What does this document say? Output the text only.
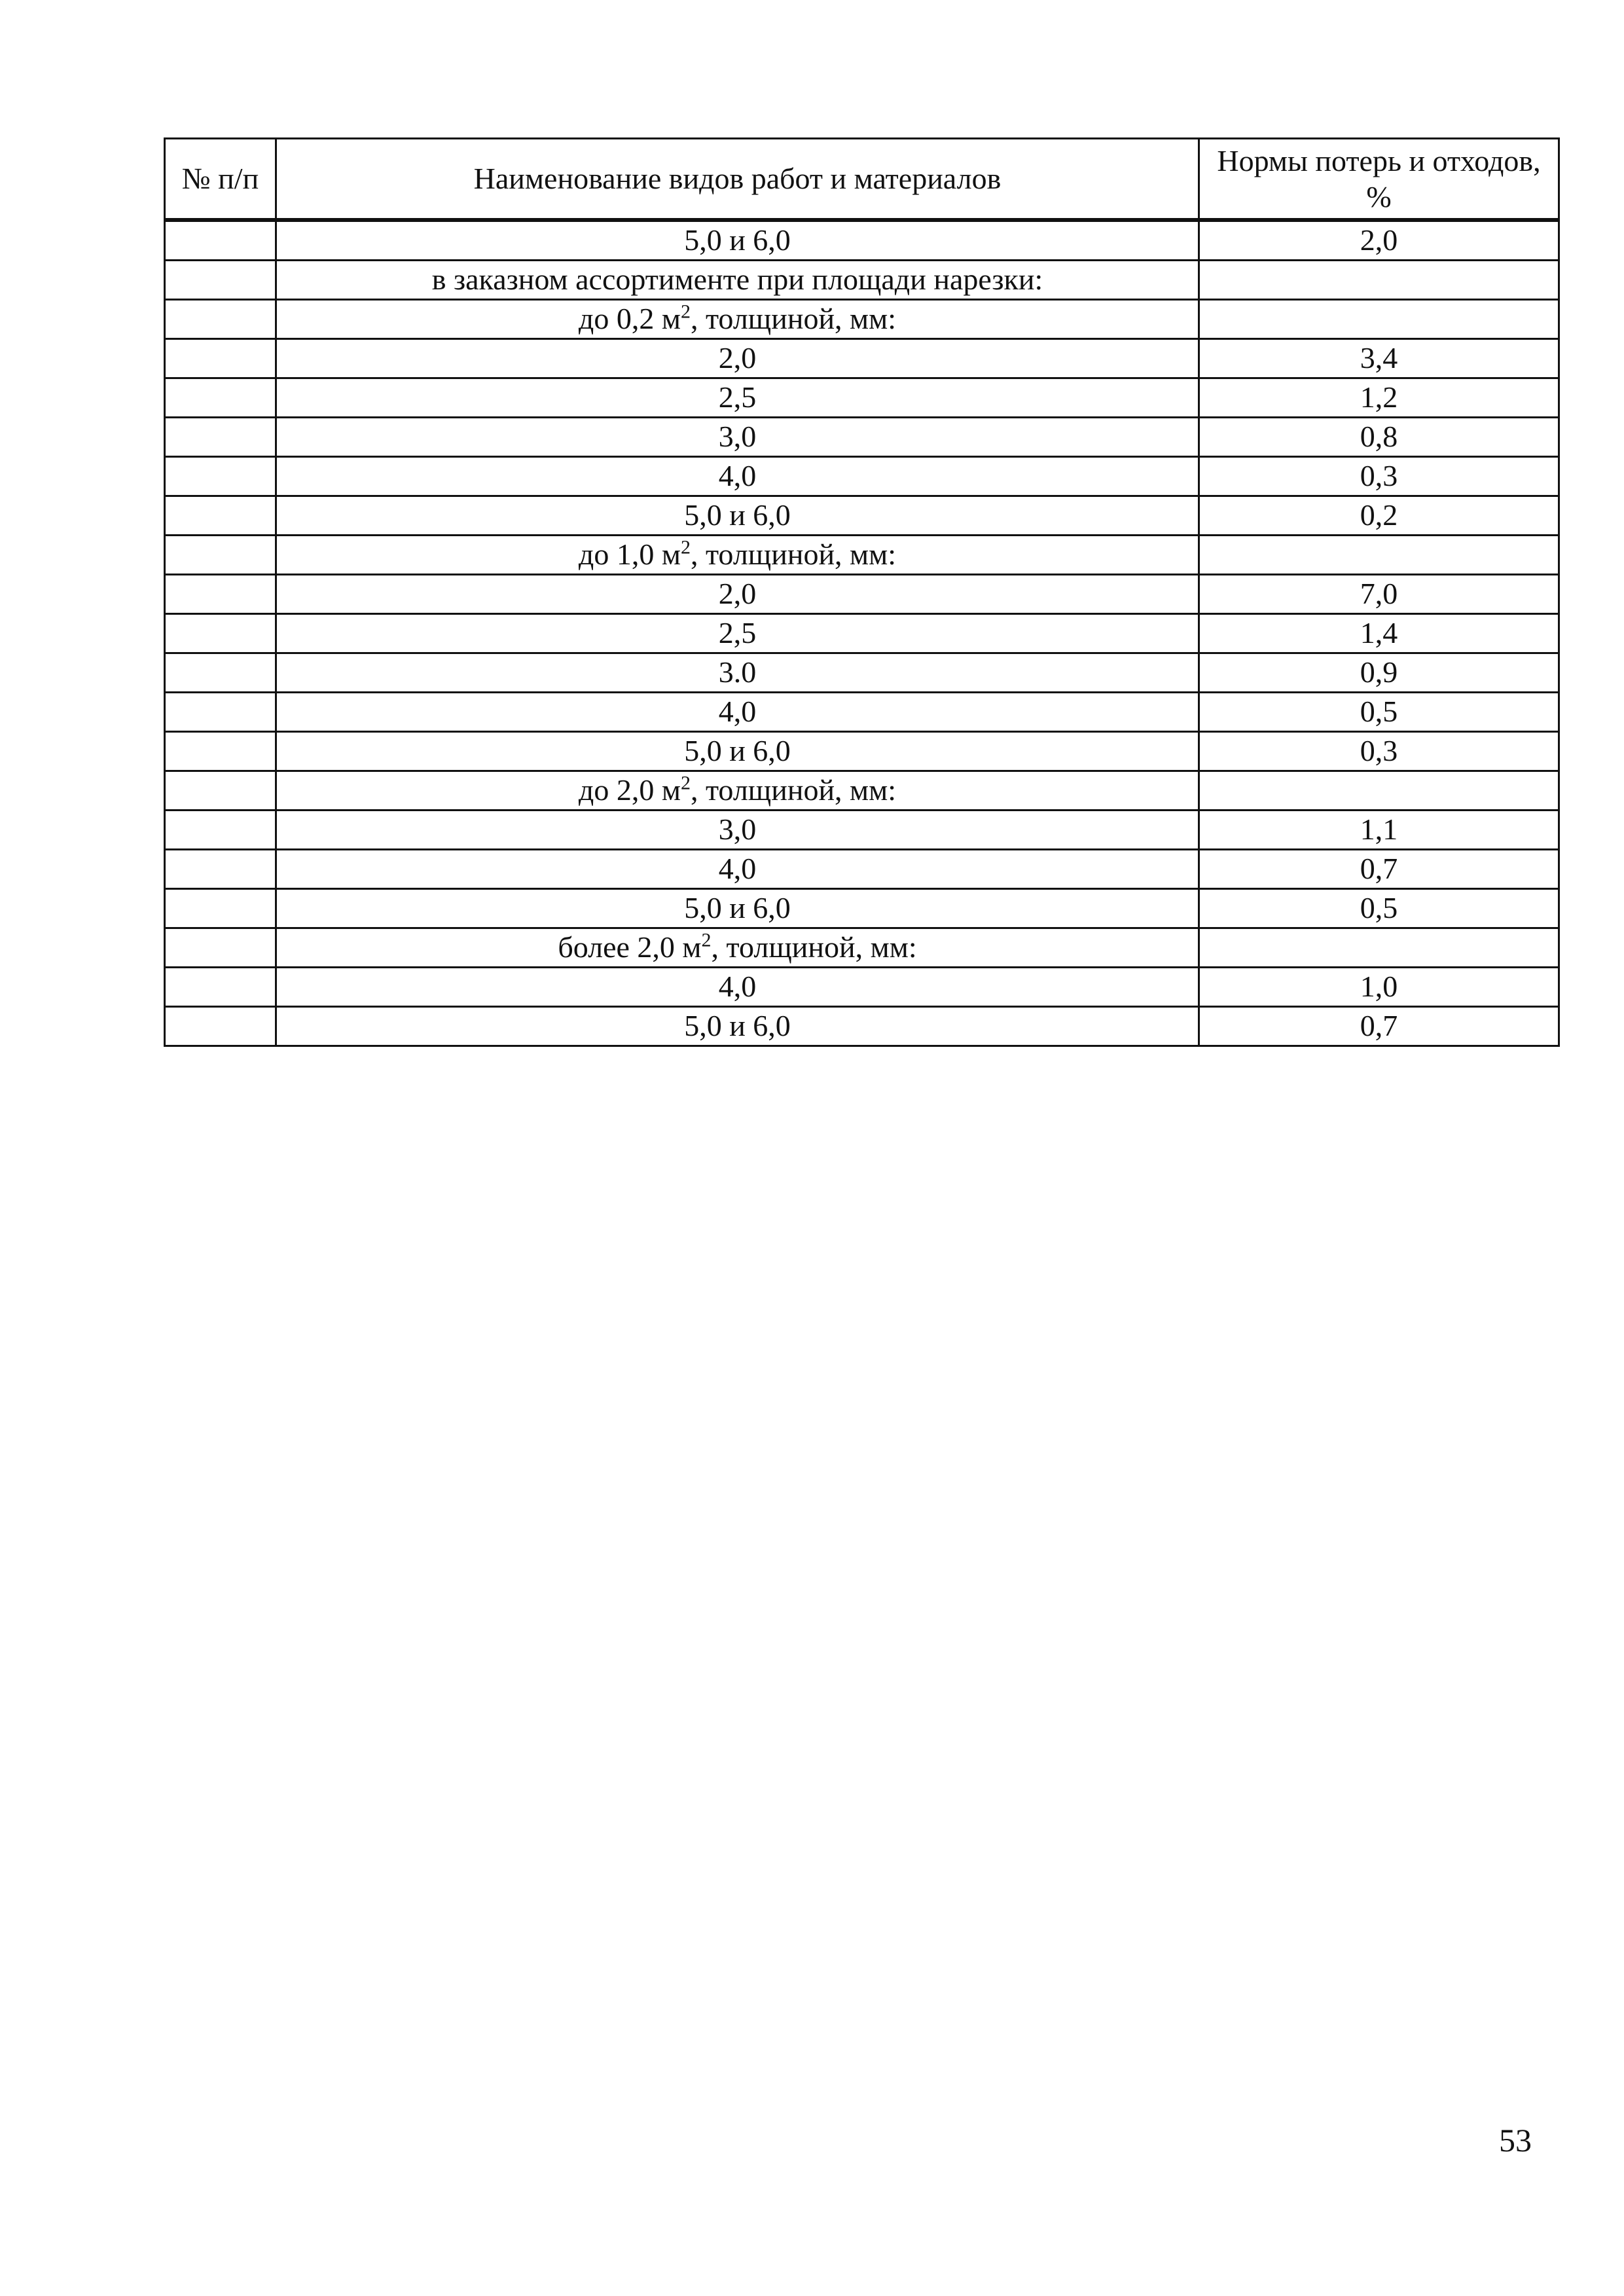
№ п/п	Наименование видов работ и материалов	Нормы потерь и отходов, %
	5,0 и 6,0	2,0
	в заказном ассортименте при площади нарезки:	
	до 0,2 $м^2$, толщиной, мм:	
	2,0	3,4
	2,5	1,2
	3,0	0,8
	4,0	0,3
	5,0 и 6,0	0,2
	до 1,0 $м^2$, толщиной, мм:	
	2,0	7,0
	2,5	1,4
	3.0	0,9
	4,0	0,5
	5,0 и 6,0	0,3
	до 2,0 $м^2$, толщиной, мм:	
	3,0	1,1
	4,0	0,7
	5,0 и 6,0	0,5
	более 2,0 $м^2$, толщиной, мм:	
	4,0	1,0
	5,0 и 6,0	0,7
53
